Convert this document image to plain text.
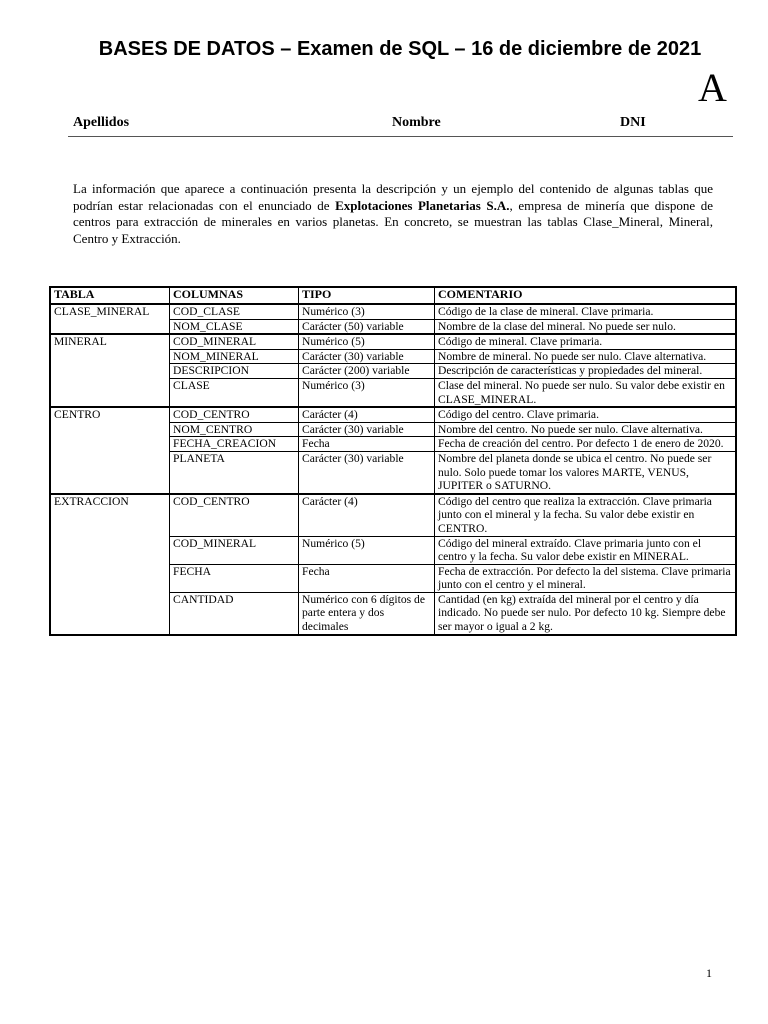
BASES DE DATOS – Examen de SQL – 16 de diciembre de 2021
A
Apellidos	Nombre	DNI

La información que aparece a continuación presenta la descripción y un ejemplo del contenido de algunas tablas que podrían estar relacionadas con el enunciado de Explotaciones Planetarias S.A., empresa de minería que dispone de centros para extracción de minerales en varios planetas. En concreto, se muestran las tablas Clase_Mineral, Mineral, Centro y Extracción.

TABLA	COLUMNAS	TIPO	COMENTARIO
CLASE_MINERAL	COD_CLASE	Numérico (3)	Código de la clase de mineral. Clave primaria.
	NOM_CLASE	Carácter (50) variable	Nombre de la clase del mineral. No puede ser nulo.
MINERAL	COD_MINERAL	Numérico (5)	Código de mineral. Clave primaria.
	NOM_MINERAL	Carácter (30) variable	Nombre de mineral. No puede ser nulo. Clave alternativa.
	DESCRIPCION	Carácter (200) variable	Descripción de características y propiedades del mineral.
	CLASE	Numérico (3)	Clase del mineral. No puede ser nulo. Su valor debe existir en CLASE_MINERAL.
CENTRO	COD_CENTRO	Carácter (4)	Código del centro. Clave primaria.
	NOM_CENTRO	Carácter (30) variable	Nombre del centro. No puede ser nulo. Clave alternativa.
	FECHA_CREACION	Fecha	Fecha de creación del centro. Por defecto 1 de enero de 2020.
	PLANETA	Carácter (30) variable	Nombre del planeta donde se ubica el centro. No puede ser nulo. Solo puede tomar los valores MARTE, VENUS, JUPITER o SATURNO.
EXTRACCION	COD_CENTRO	Carácter (4)	Código del centro que realiza la extracción. Clave primaria junto con el mineral y la fecha. Su valor debe existir en CENTRO.
	COD_MINERAL	Numérico (5)	Código del mineral extraído. Clave primaria junto con el centro y la fecha. Su valor debe existir en MINERAL.
	FECHA	Fecha	Fecha de extracción. Por defecto la del sistema. Clave primaria junto con el centro y el mineral.
	CANTIDAD	Numérico con 6 dígitos de parte entera y dos decimales	Cantidad (en kg) extraída del mineral por el centro y día indicado. No puede ser nulo. Por defecto 10 kg. Siempre debe ser mayor o igual a 2 kg.
1
